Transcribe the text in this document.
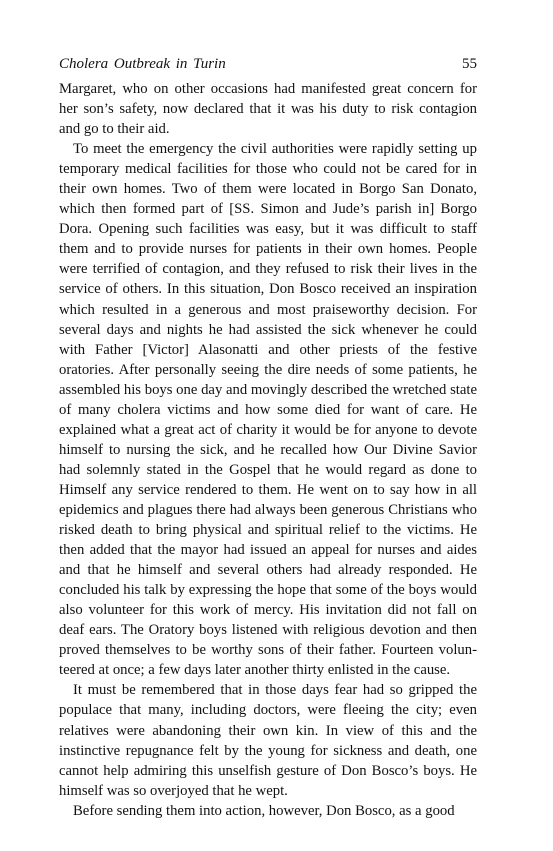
Cholera Outbreak in Turin	55

Margaret, who on other occasions had manifested great concern for her son’s safety, now declared that it was his duty to risk contagion and go to their aid.

To meet the emergency the civil authorities were rapidly setting up temporary medical facilities for those who could not be cared for in their own homes. Two of them were located in Borgo San Donato, which then formed part of [SS. Simon and Jude’s parish in] Borgo Dora. Opening such facilities was easy, but it was difficult to staff them and to provide nurses for patients in their own homes. People were terrified of contagion, and they refused to risk their lives in the service of others. In this situation, Don Bosco received an inspiration which resulted in a generous and most praiseworthy decision. For several days and nights he had assisted the sick whenever he could with Father [Victor] Alasonatti and other priests of the festive oratories. After personally seeing the dire needs of some patients, he assembled his boys one day and movingly described the wretched state of many cholera victims and how some died for want of care. He explained what a great act of charity it would be for anyone to devote himself to nursing the sick, and he recalled how Our Divine Savior had solemnly stated in the Gospel that he would regard as done to Himself any service rendered to them. He went on to say how in all epidemics and plagues there had always been generous Christians who risked death to bring physical and spiritual relief to the victims. He then added that the mayor had issued an appeal for nurses and aides and that he himself and several others had already responded. He concluded his talk by expressing the hope that some of the boys would also volunteer for this work of mercy. His invitation did not fall on deaf ears. The Oratory boys listened with religious devotion and then proved themselves to be worthy sons of their father. Fourteen volunteered at once; a few days later another thirty enlisted in the cause.

It must be remembered that in those days fear had so gripped the populace that many, including doctors, were fleeing the city; even relatives were abandoning their own kin. In view of this and the instinctive repugnance felt by the young for sickness and death, one cannot help admiring this unselfish gesture of Don Bosco’s boys. He himself was so overjoyed that he wept.

Before sending them into action, however, Don Bosco, as a good
